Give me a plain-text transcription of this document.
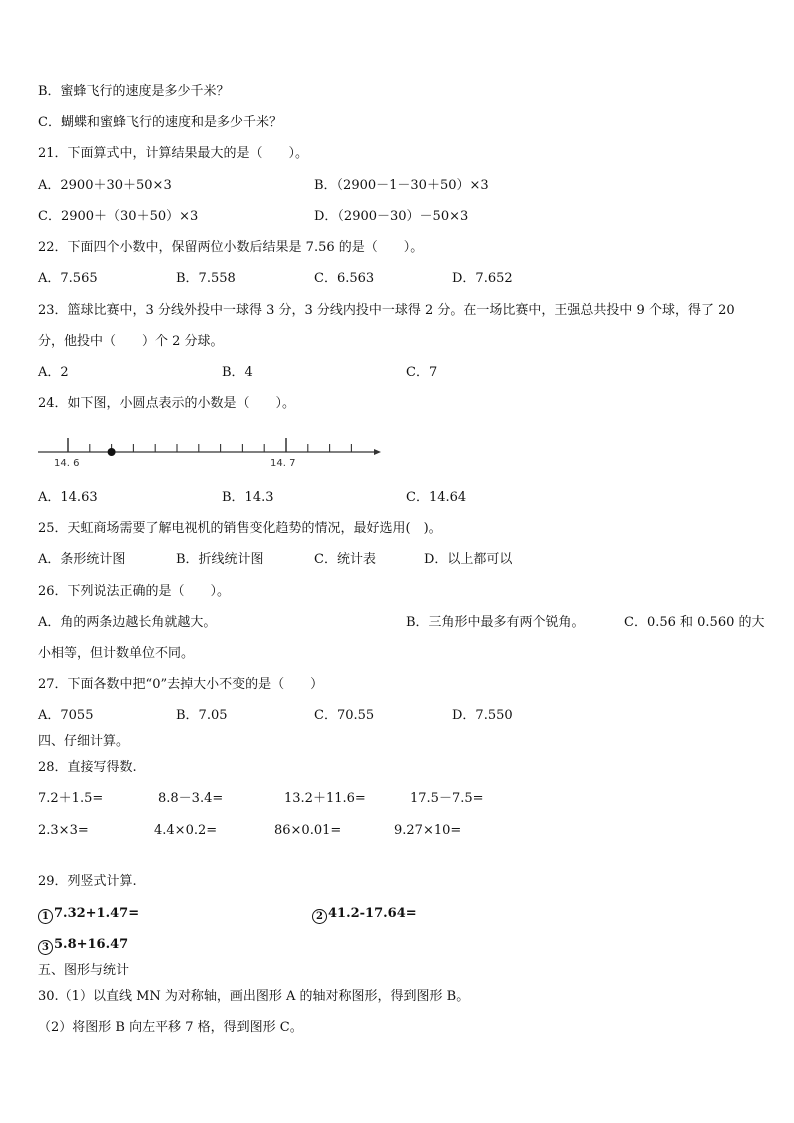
B．蜜蜂飞行的速度是多少千米？
C．蝴蝶和蜜蜂飞行的速度和是多少千米？
21．下面算式中，计算结果最大的是（　　）。
A．2900＋30＋50×3	B．（2900－1－30＋50）×3
C．2900＋（30＋50）×3	D．（2900－30）－50×3
22．下面四个小数中，保留两位小数后结果是 7.56 的是（　　）。
A．7.565	B．7.558	C．6.563	D．7.652
23．篮球比赛中，3 分线外投中一球得 3 分，3 分线内投中一球得 2 分。在一场比赛中，王强总共投中 9 个球，得了 20
分，他投中（　　）个 2 分球。
A．2	B．4	C．7
24．如下图，小圆点表示的小数是（　　）。
14. 6	14. 7
A．14.63	B．14.3	C．14.64
25．天虹商场需要了解电视机的销售变化趋势的情况，最好选用(　)。
A．条形统计图	B．折线统计图	C．统计表	D．以上都可以
26．下列说法正确的是（　　）。
A．角的两条边越长角就越大。	B．三角形中最多有两个锐角。	C．0.56 和 0.560 的大
小相等，但计数单位不同。
27．下面各数中把“0”去掉大小不变的是（　　）
A．7055	B．7.05	C．70.55	D．7.550
四、仔细计算。
28．直接写得数.
7.2＋1.5=	8.8－3.4=	13.2＋11.6=	17.5－7.5=
2.3×3=	4.4×0.2=	86×0.01=	9.27×10=
29．列竖式计算.
1 7.32+1.47=	2 41.2-17.64=
3 5.8+16.47
五、图形与统计
30.（1）以直线 MN 为对称轴，画出图形 A 的轴对称图形，得到图形 B。
（2）将图形 B 向左平移 7 格，得到图形 C。
